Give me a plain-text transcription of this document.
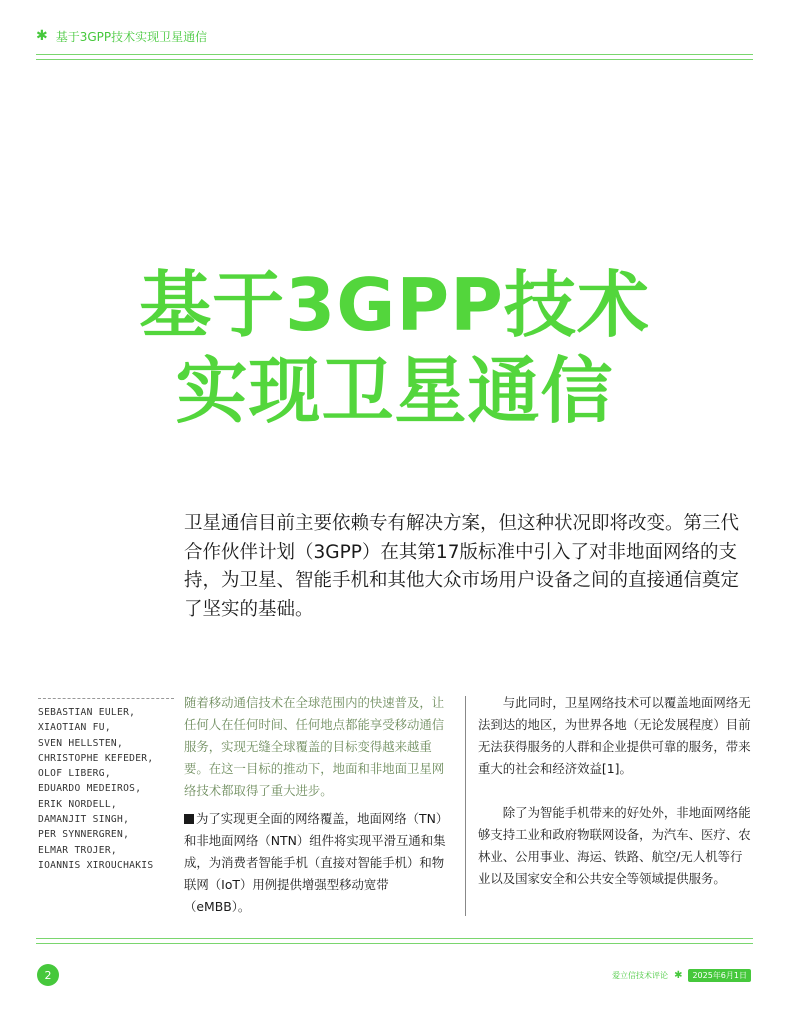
✱ 基于3GPP技术实现卫星通信
基于3GPP技术
实现卫星通信

卫星通信目前主要依赖专有解决方案，但这种状况即将改变。第三代合作伙伴计划（3GPP）在其第17版标准中引入了对非地面网络的支持，为卫星、智能手机和其他大众市场用户设备之间的直接通信奠定了坚实的基础。

SEBASTIAN EULER,
XIAOTIAN FU,
SVEN HELLSTEN,
CHRISTOPHE KEFEDER,
OLOF LIBERG,
EDUARDO MEDEIROS,
ERIK NORDELL,
DAMANJIT SINGH,
PER SYNNERGREN,
ELMAR TROJER,
IOANNIS XIROUCHAKIS

随着移动通信技术在全球范围内的快速普及，让任何人在任何时间、任何地点都能享受移动通信服务，实现无缝全球覆盖的目标变得越来越重要。在这一目标的推动下，地面和非地面卫星网络技术都取得了重大进步。

为了实现更全面的网络覆盖，地面网络（TN）和非地面网络（NTN）组件将实现平滑互通和集成，为消费者智能手机（直接对智能手机）和物联网（IoT）用例提供增强型移动宽带（eMBB）。

与此同时，卫星网络技术可以覆盖地面网络无法到达的地区，为世界各地（无论发展程度）目前无法获得服务的人群和企业提供可靠的服务，带来重大的社会和经济效益[1]。

除了为智能手机带来的好处外，非地面网络能够支持工业和政府物联网设备，为汽车、医疗、农林业、公用事业、海运、铁路、航空/无人机等行业以及国家安全和公共安全等领域提供服务。

2	爱立信技术评论 ✱	2025年6月1日
